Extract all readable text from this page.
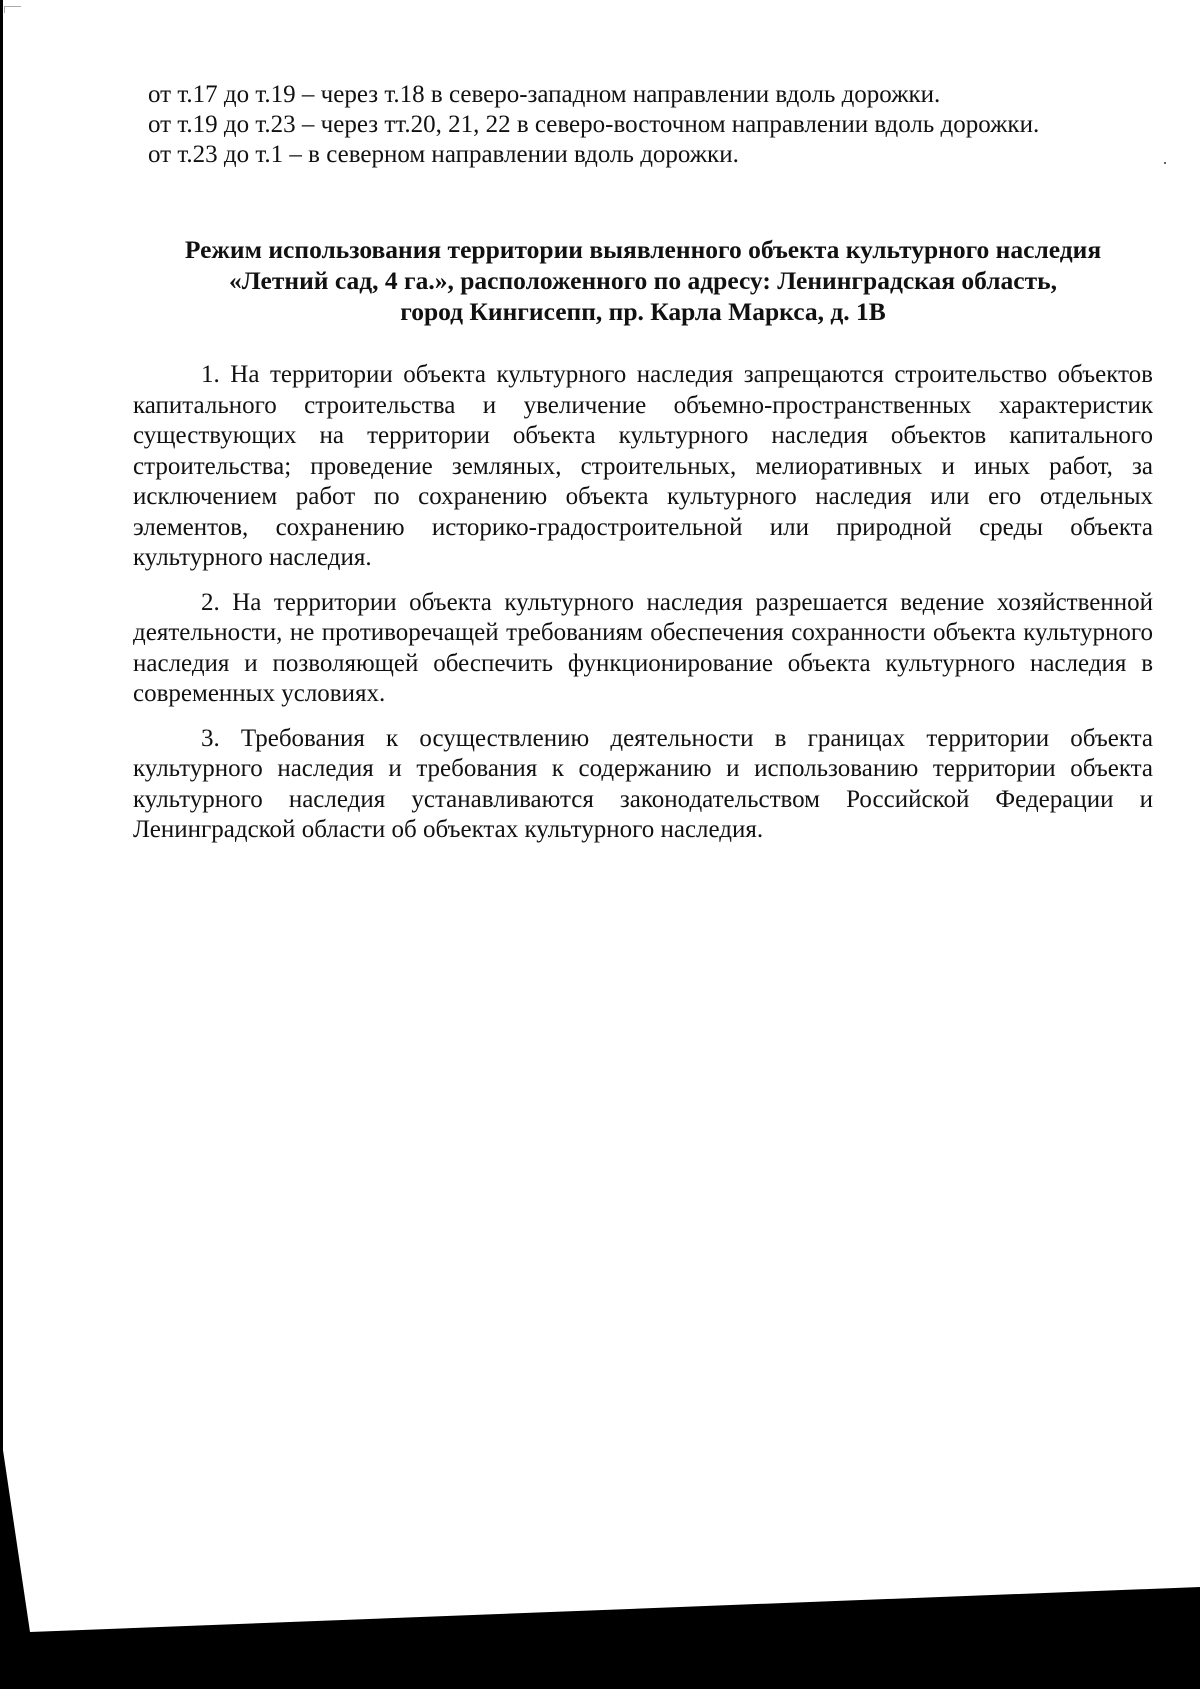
от т.17 до т.19 – через т.18 в северо-западном направлении вдоль дорожки.

от т.19 до т.23 – через тт.20, 21, 22 в северо-восточном направлении вдоль дорожки.

от т.23 до т.1 – в северном направлении вдоль дорожки.

Режим использования территории выявленного объекта культурного наследия
«Летний сад, 4 га.», расположенного по адресу: Ленинградская область,
город Кингисепп, пр. Карла Маркса, д. 1В

1. На территории объекта культурного наследия запрещаются строительство объектов капитального строительства и увеличение объемно-пространственных характеристик существующих на территории объекта культурного наследия объектов капитального строительства; проведение земляных, строительных, мелиоративных и иных работ, за исключением работ по сохранению объекта культурного наследия или его отдельных элементов, сохранению историко-градостроительной или природной среды объекта культурного наследия.

2. На территории объекта культурного наследия разрешается ведение хозяйственной деятельности, не противоречащей требованиям обеспечения сохранности объекта культурного наследия и позволяющей обеспечить функционирование объекта культурного наследия в современных условиях.

3. Требования к осуществлению деятельности в границах территории объекта культурного наследия и требования к содержанию и использованию территории объекта культурного наследия устанавливаются законодательством Российской Федерации и Ленинградской области об объектах культурного наследия.
